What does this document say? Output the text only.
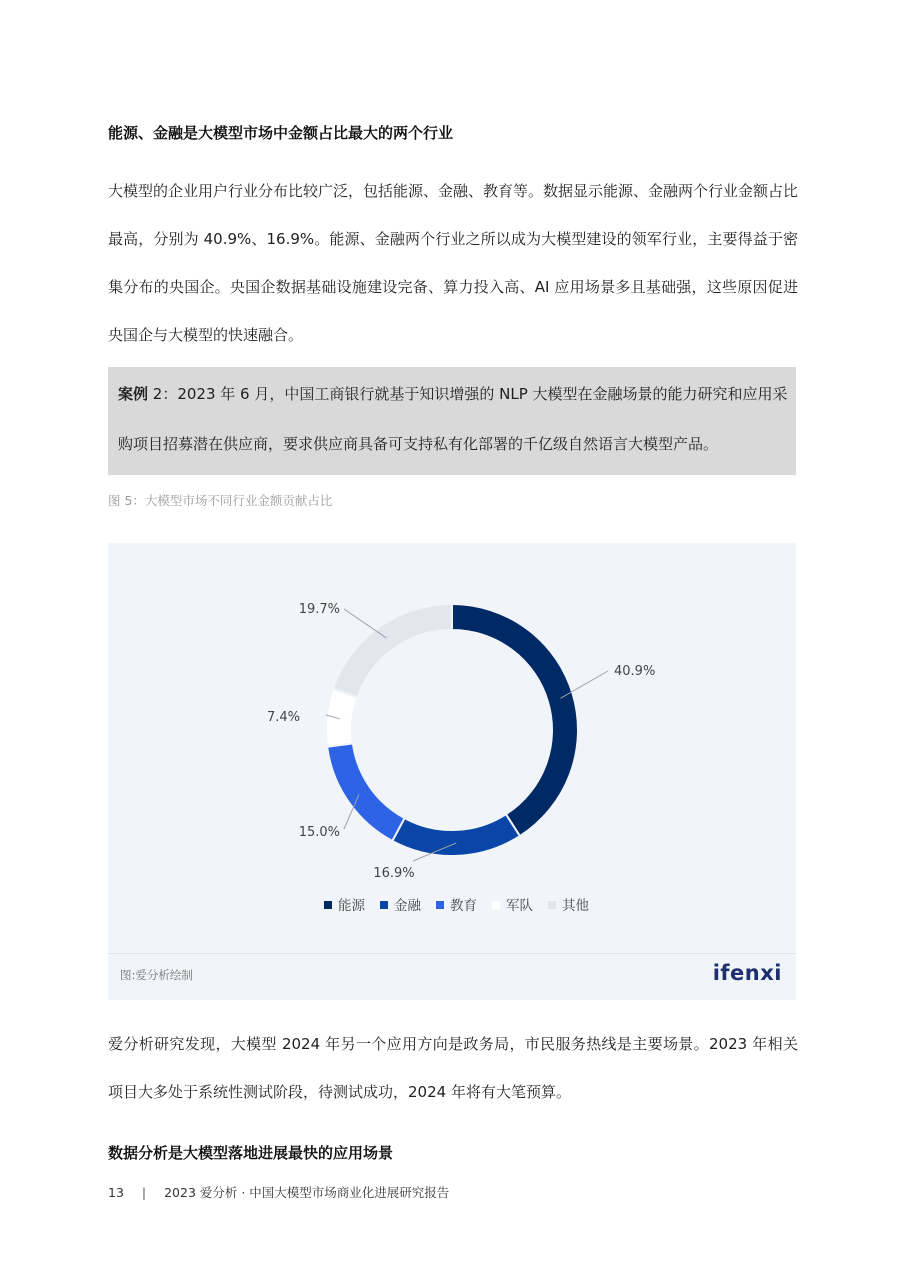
能源、金融是大模型市场中金额占比最大的两个行业
大模型的企业用户行业分布比较广泛，包括能源、金融、教育等。数据显示能源、金融两个行业金额占比最高，分别为 40.9%、16.9%。能源、金融两个行业之所以成为大模型建设的领军行业，主要得益于密集分布的央国企。央国企数据基础设施建设完备、算力投入高、AI 应用场景多且基础强，这些原因促进央国企与大模型的快速融合。
案例 2：2023 年 6 月，中国工商银行就基于知识增强的 NLP 大模型在金融场景的能力研究和应用采购项目招募潜在供应商，要求供应商具备可支持私有化部署的千亿级自然语言大模型产品。
图 5：大模型市场不同行业金额贡献占比
40.9%
16.9%
15.0%
7.4%
19.7%
能源 金融 教育 军队 其他
图:爱分析绘制	ifenxi
爱分析研究发现，大模型 2024 年另一个应用方向是政务局，市民服务热线是主要场景。2023 年相关项目大多处于系统性测试阶段，待测试成功，2024 年将有大笔预算。
数据分析是大模型落地进展最快的应用场景
13 | 2023 爱分析 · 中国大模型市场商业化进展研究报告
